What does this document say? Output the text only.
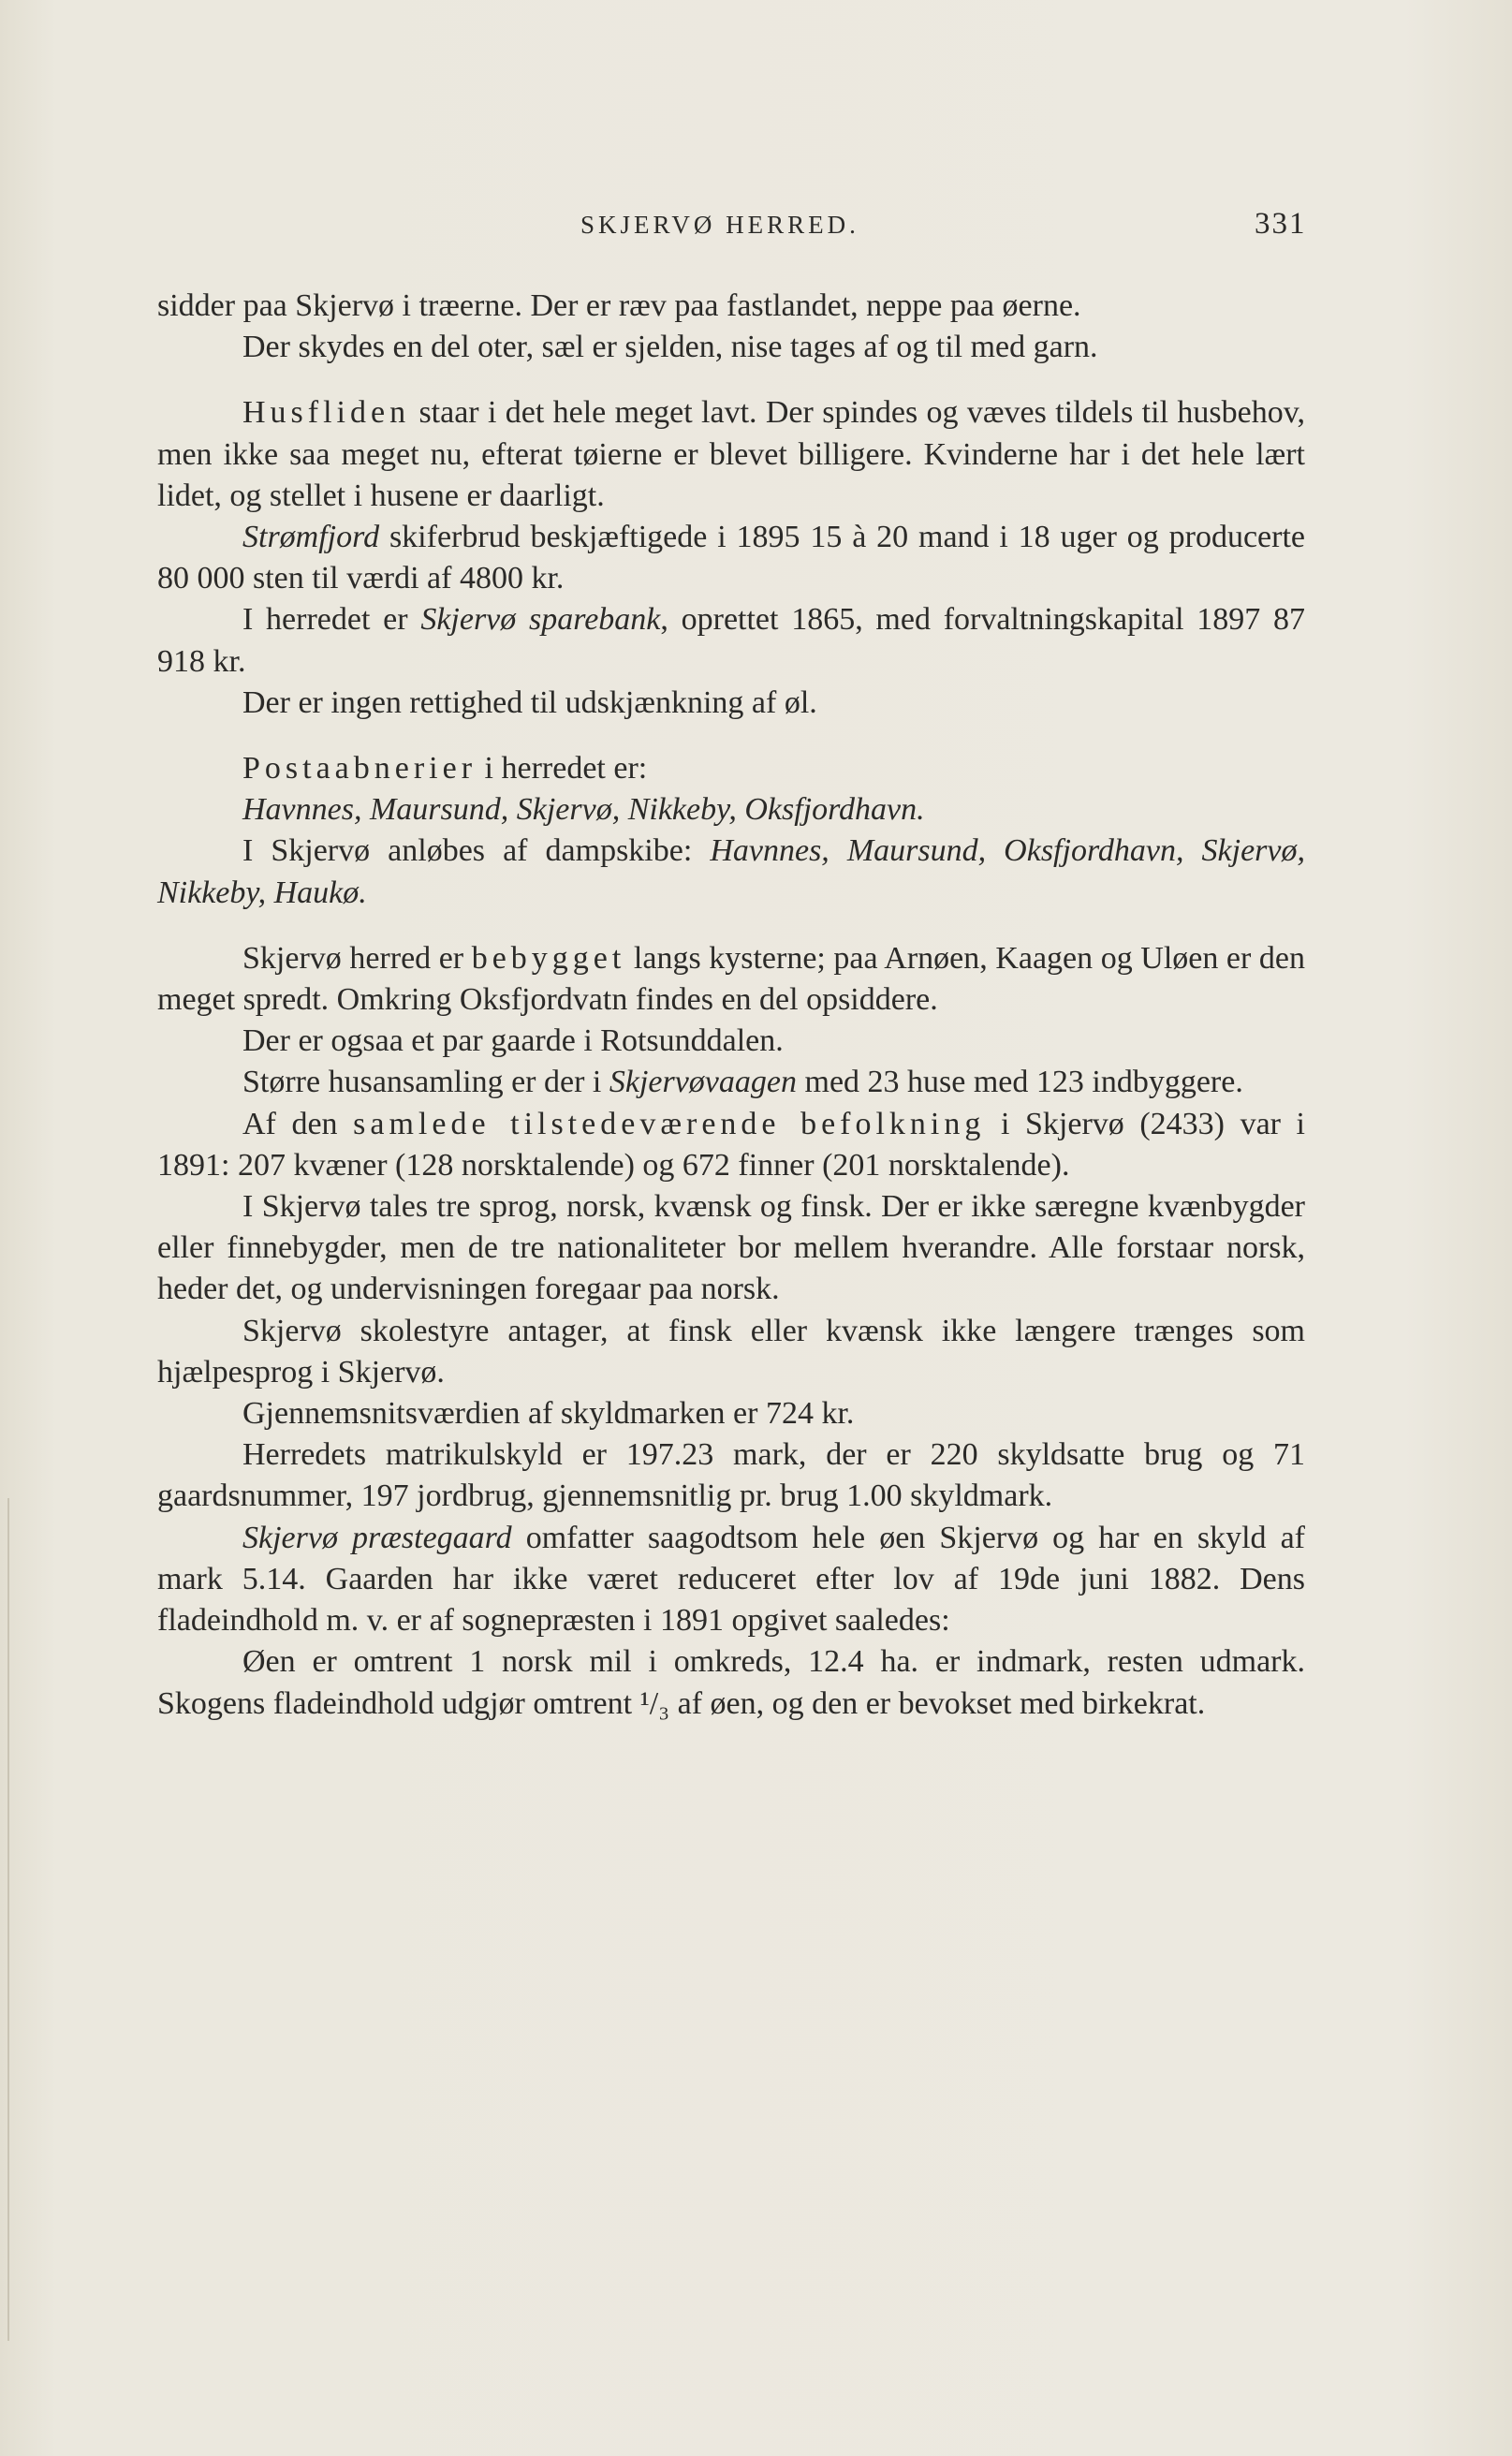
SKJERVØ HERRED.	331

sidder paa Skjervø i træerne. Der er ræv paa fastlandet, neppe paa øerne.

Der skydes en del oter, sæl er sjelden, nise tages af og til med garn.

Husfliden staar i det hele meget lavt. Der spindes og væves tildels til husbehov, men ikke saa meget nu, efterat tøierne er blevet billigere. Kvinderne har i det hele lært lidet, og stellet i husene er daarligt.

Strømfjord skiferbrud beskjæftigede i 1895 15 à 20 mand i 18 uger og producerte 80 000 sten til værdi af 4800 kr.

I herredet er Skjervø sparebank, oprettet 1865, med forvaltningskapital 1897 87 918 kr.

Der er ingen rettighed til udskjænkning af øl.

Postaabnerier i herredet er:

Havnnes, Maursund, Skjervø, Nikkeby, Oksfjordhavn.

I Skjervø anløbes af dampskibe: Havnnes, Maursund, Oksfjordhavn, Skjervø, Nikkeby, Haukø.

Skjervø herred er bebygget langs kysterne; paa Arnøen, Kaagen og Uløen er den meget spredt. Omkring Oksfjordvatn findes en del opsiddere.

Der er ogsaa et par gaarde i Rotsunddalen.

Større husansamling er der i Skjervøvaagen med 23 huse med 123 indbyggere.

Af den samlede tilstedeværende befolkning i Skjervø (2433) var i 1891: 207 kvæner (128 norsktalende) og 672 finner (201 norsktalende).

I Skjervø tales tre sprog, norsk, kvænsk og finsk. Der er ikke særegne kvænbygder eller finnebygder, men de tre nationaliteter bor mellem hverandre. Alle forstaar norsk, heder det, og undervisningen foregaar paa norsk.

Skjervø skolestyre antager, at finsk eller kvænsk ikke længere trænges som hjælpesprog i Skjervø.

Gjennemsnitsværdien af skyldmarken er 724 kr.

Herredets matrikulskyld er 197.23 mark, der er 220 skyldsatte brug og 71 gaardsnummer, 197 jordbrug, gjennemsnitlig pr. brug 1.00 skyldmark.

Skjervø præstegaard omfatter saagodtsom hele øen Skjervø og har en skyld af mark 5.14. Gaarden har ikke været reduceret efter lov af 19de juni 1882. Dens fladeindhold m. v. er af sognepræsten i 1891 opgivet saaledes:

Øen er omtrent 1 norsk mil i omkreds, 12.4 ha. er indmark, resten udmark. Skogens fladeindhold udgjør omtrent ¹/₃ af øen, og den er bevokset med birkekrat.
